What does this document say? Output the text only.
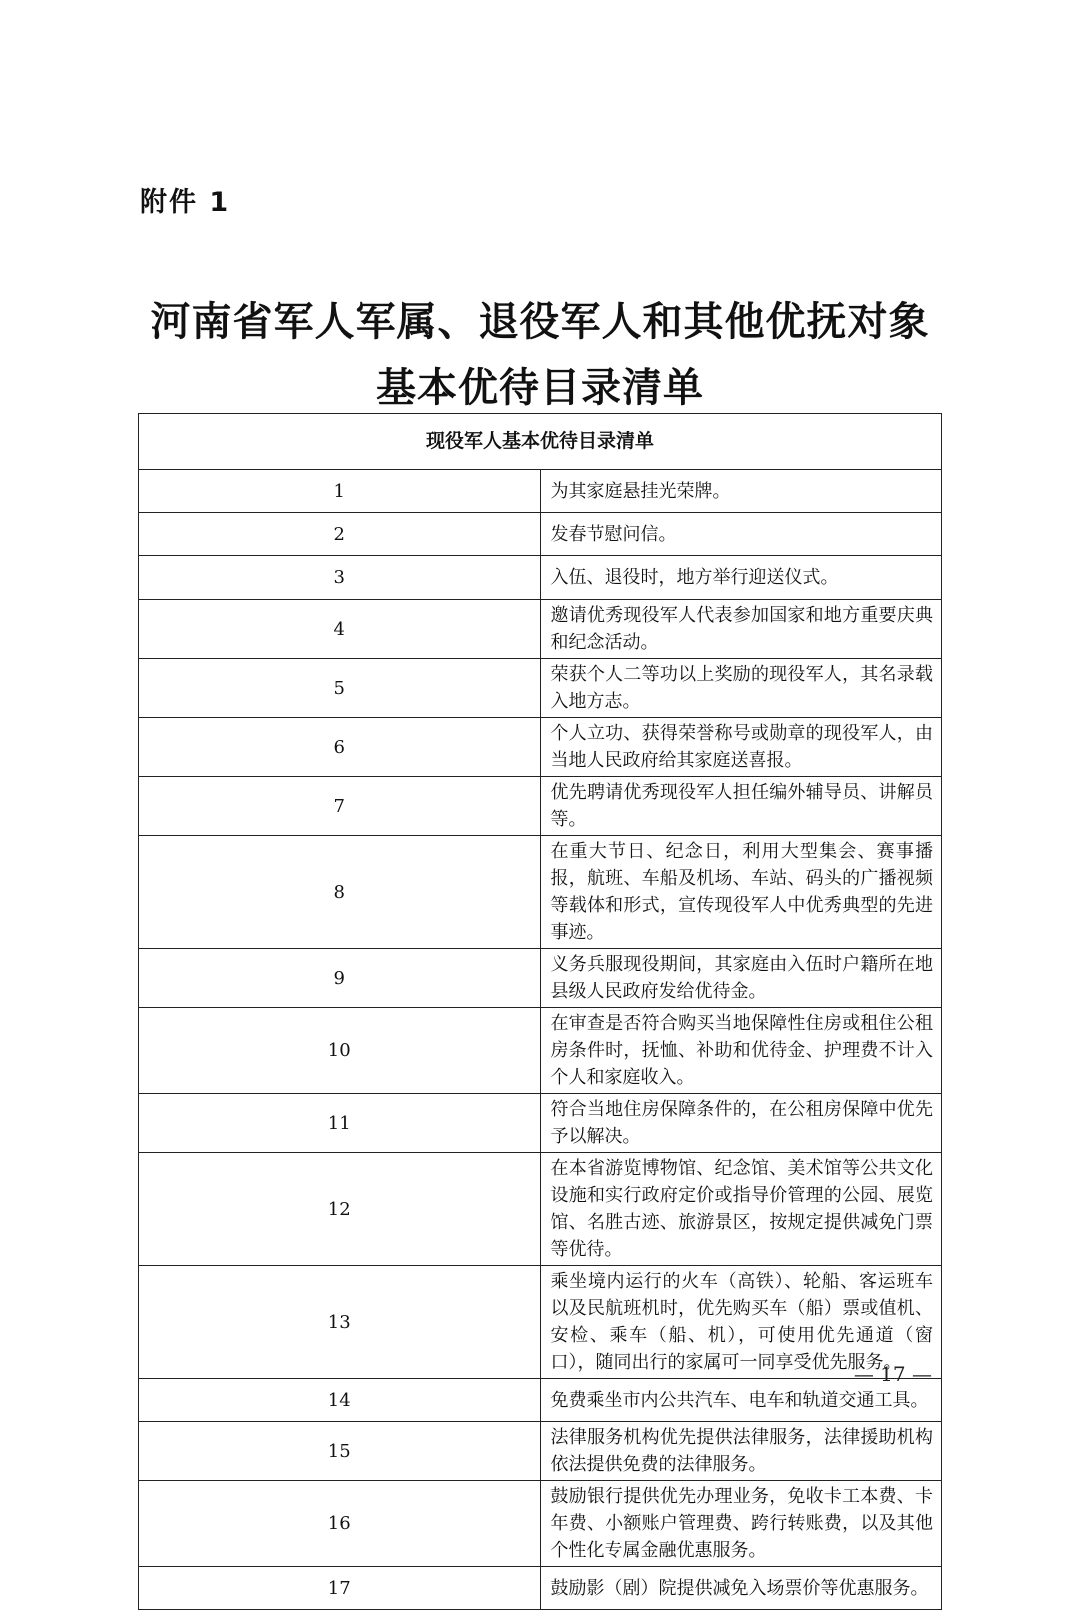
附件 1
河南省军人军属、退役军人和其他优抚对象
基本优待目录清单
现役军人基本优待目录清单	
1	为其家庭悬挂光荣牌。
2	发春节慰问信。
3	入伍、退役时，地方举行迎送仪式。
4	邀请优秀现役军人代表参加国家和地方重要庆典和纪念活动。
5	荣获个人二等功以上奖励的现役军人，其名录载入地方志。
6	个人立功、获得荣誉称号或勋章的现役军人，由当地人民政府给其家庭送喜报。
7	优先聘请优秀现役军人担任编外辅导员、讲解员等。
8	在重大节日、纪念日，利用大型集会、赛事播报，航班、车船及机场、车站、码头的广播视频等载体和形式，宣传现役军人中优秀典型的先进事迹。
9	义务兵服现役期间，其家庭由入伍时户籍所在地县级人民政府发给优待金。
10	在审查是否符合购买当地保障性住房或租住公租房条件时，抚恤、补助和优待金、护理费不计入个人和家庭收入。
11	符合当地住房保障条件的，在公租房保障中优先予以解决。
12	在本省游览博物馆、纪念馆、美术馆等公共文化设施和实行政府定价或指导价管理的公园、展览馆、名胜古迹、旅游景区，按规定提供减免门票等优待。
13	乘坐境内运行的火车（高铁）、轮船、客运班车以及民航班机时，优先购买车（船）票或值机、安检、乘车（船、机），可使用优先通道（窗口），随同出行的家属可一同享受优先服务。
14	免费乘坐市内公共汽车、电车和轨道交通工具。
15	法律服务机构优先提供法律服务，法律援助机构依法提供免费的法律服务。
16	鼓励银行提供优先办理业务，免收卡工本费、卡年费、小额账户管理费、跨行转账费，以及其他个性化专属金融优惠服务。
17	鼓励影（剧）院提供减免入场票价等优惠服务。
— 17 —
